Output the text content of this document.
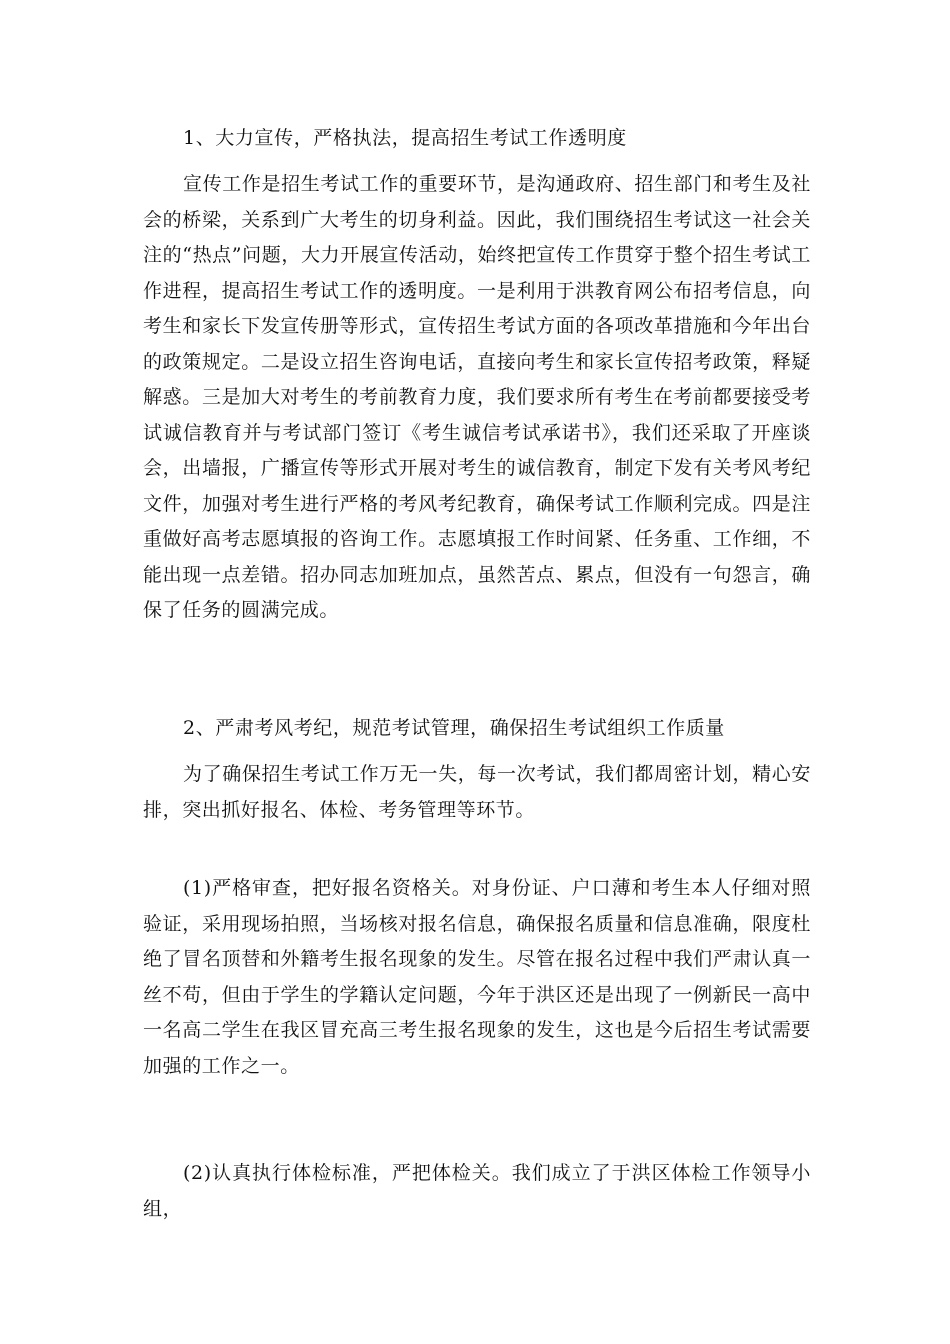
1、大力宣传，严格执法，提高招生考试工作透明度

宣传工作是招生考试工作的重要环节，是沟通政府、招生部门和考生及社会的桥梁，关系到广大考生的切身利益。因此，我们围绕招生考试这一社会关注的“热点”问题，大力开展宣传活动，始终把宣传工作贯穿于整个招生考试工作进程，提高招生考试工作的透明度。一是利用于洪教育网公布招考信息，向考生和家长下发宣传册等形式，宣传招生考试方面的各项改革措施和今年出台的政策规定。二是设立招生咨询电话，直接向考生和家长宣传招考政策，释疑解惑。三是加大对考生的考前教育力度，我们要求所有考生在考前都要接受考试诚信教育并与考试部门签订《考生诚信考试承诺书》，我们还采取了开座谈会，出墙报，广播宣传等形式开展对考生的诚信教育，制定下发有关考风考纪文件，加强对考生进行严格的考风考纪教育，确保考试工作顺利完成。四是注重做好高考志愿填报的咨询工作。志愿填报工作时间紧、任务重、工作细，不能出现一点差错。招办同志加班加点，虽然苦点、累点，但没有一句怨言，确保了任务的圆满完成。

2、严肃考风考纪，规范考试管理，确保招生考试组织工作质量

为了确保招生考试工作万无一失，每一次考试，我们都周密计划，精心安排，突出抓好报名、体检、考务管理等环节。

(1)严格审查，把好报名资格关。对身份证、户口薄和考生本人仔细对照验证，采用现场拍照，当场核对报名信息，确保报名质量和信息准确，限度杜绝了冒名顶替和外籍考生报名现象的发生。尽管在报名过程中我们严肃认真一丝不苟，但由于学生的学籍认定问题，今年于洪区还是出现了一例新民一高中一名高二学生在我区冒充高三考生报名现象的发生，这也是今后招生考试需要加强的工作之一。

(2)认真执行体检标准，严把体检关。我们成立了于洪区体检工作领导小组，
